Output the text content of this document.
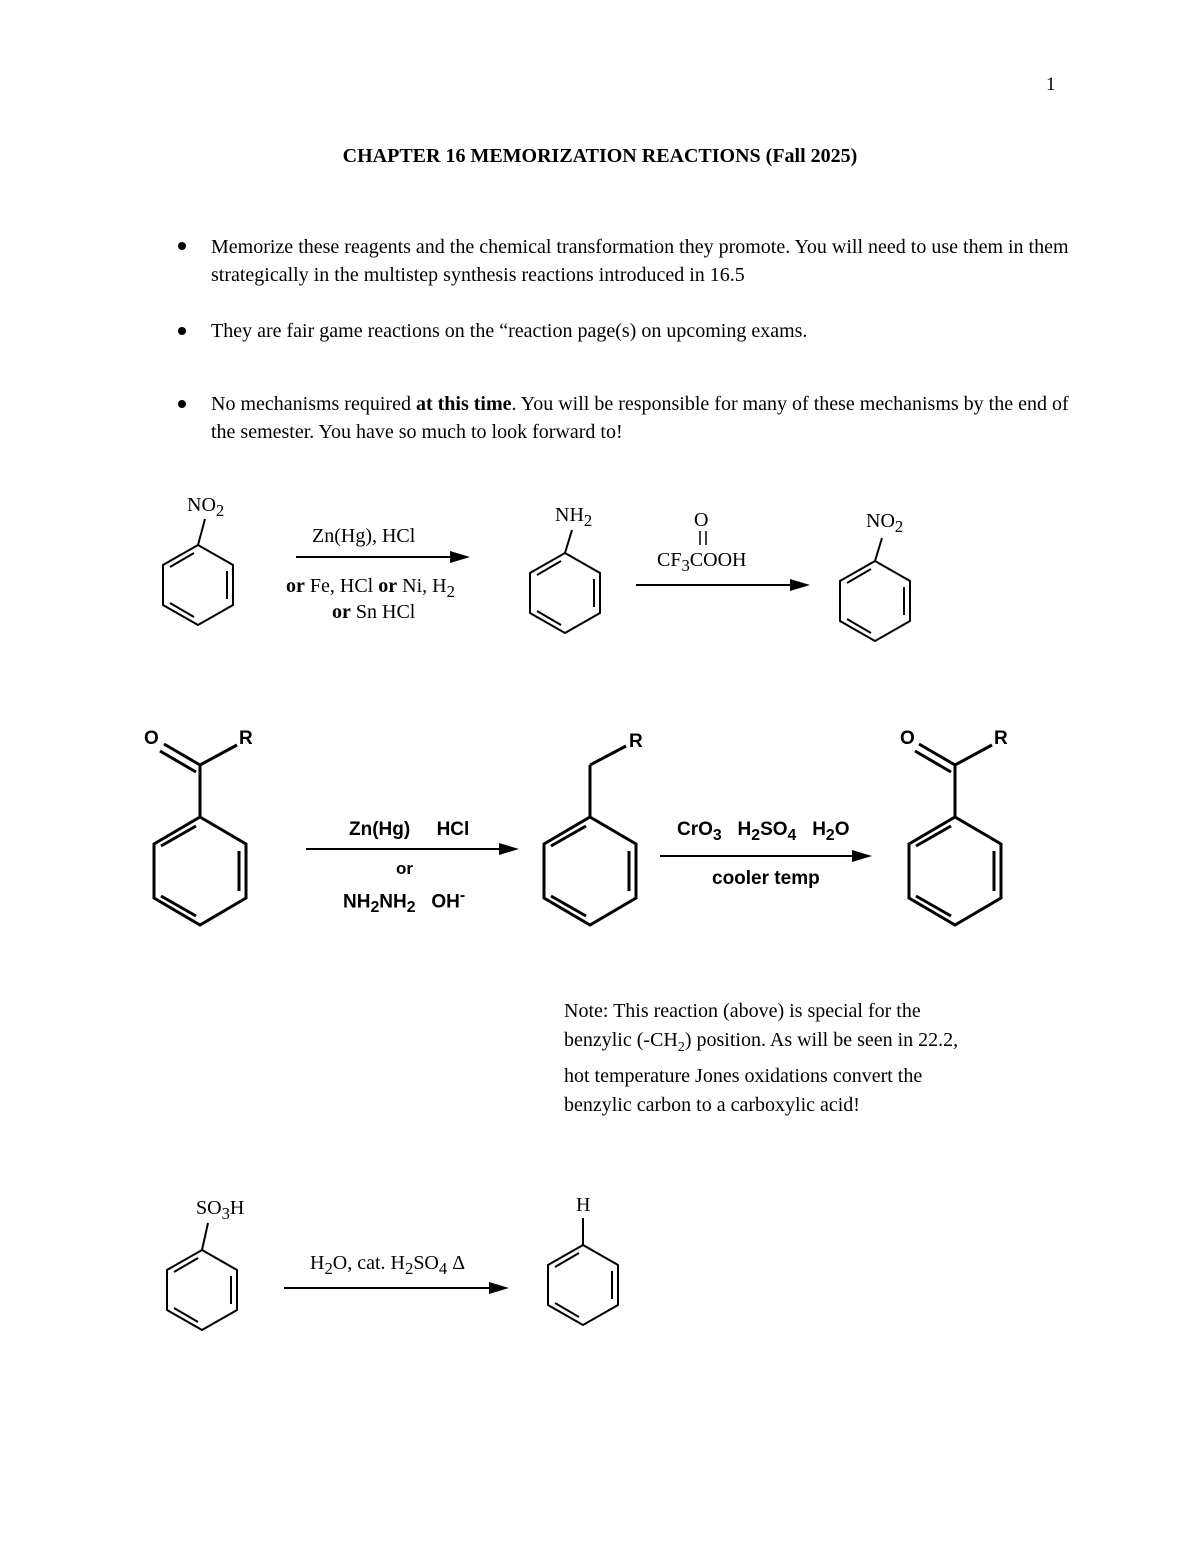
1
CHAPTER 16 MEMORIZATION REACTIONS (Fall 2025)
Memorize these reagents and the chemical transformation they promote. You will need to use them in them strategically in the multistep synthesis reactions introduced in 16.5
They are fair game reactions on the “reaction page(s) on upcoming exams.
No mechanisms required at this time. You will be responsible for many of these mechanisms by the end of the semester. You have so much to look forward to!
$NO_2$
Zn(Hg), HCl
or Fe, HCl or Ni, $H_2$
or Sn HCl
$NH_2$	O
$CF_3COOH$
$NO_2$
O	R	R	O	R
Zn(Hg)     HCl
or
$NH_2NH_2$   OH-
CrO$_3$   $H_2SO_4$   $H_2O$
cooler temp
Note: This reaction (above) is special for the
benzylic $(-CH_2)$ position. As will be seen in 22.2,
hot temperature Jones oxidations convert the
benzylic carbon to a carboxylic acid!
$SO_3H$
$H_2O$, cat. $H_2SO_4$ Δ
H
